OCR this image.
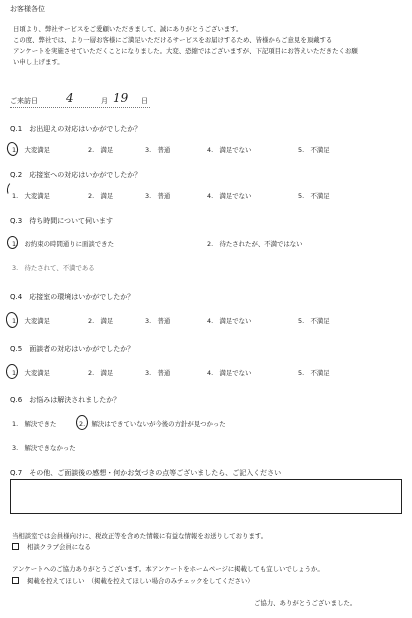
お客様各位
日頃より、弊社サービスをご愛顧いただきまして、誠にありがとうございます。
この度、弊社では、より一層お客様にご満足いただけるサービスをお届けするため、皆様からご意見を頂戴する
アンケートを実施させていただくことになりました。大変、恐縮ではございますが、下記項目にお答えいただきたくお願
い申し上げます。
ご来訪日 4	月 19 日
Q.1　お出迎えの対応はいかがでしたか？
1.　大変満足	2.　満足	3.　普通	4.　満足でない	5.　不満足
Q.2　応接室への対応はいかがでしたか？
1.　大変満足	2.　満足	3.　普通	4.　満足でない	5.　不満足
Q.3　待ち時間について伺います
1.　お約束の時間通りに面談できた	2.　待たされたが、不満ではない
3.　待たされて、不満である
Q.4　応接室の環境はいかがでしたか？
1.　大変満足	2.　満足	3.　普通	4.　満足でない	5.　不満足
Q.5　面談者の対応はいかがでしたか？
1.　大変満足	2.　満足	3.　普通	4.　満足でない	5.　不満足
Q.6　お悩みは解決されましたか？
1.　解決できた	2.　解決はできていないが今後の方針が見つかった
3.　解決できなかった
Q.7　その他、ご面談後の感想・何かお気づきの点等ございましたら、ご記入ください
当相談室では会員様向けに、税改正等を含めた情報に有益な情報をお送りしております。
相談クラブ会員になる
アンケートへのご協力ありがとうございます。本アンケートをホームページに掲載しても宜しいでしょうか。
掲載を控えてほしい　（掲載を控えてほしい場合のみチェックをしてください）
ご協力、ありがとうございました。
